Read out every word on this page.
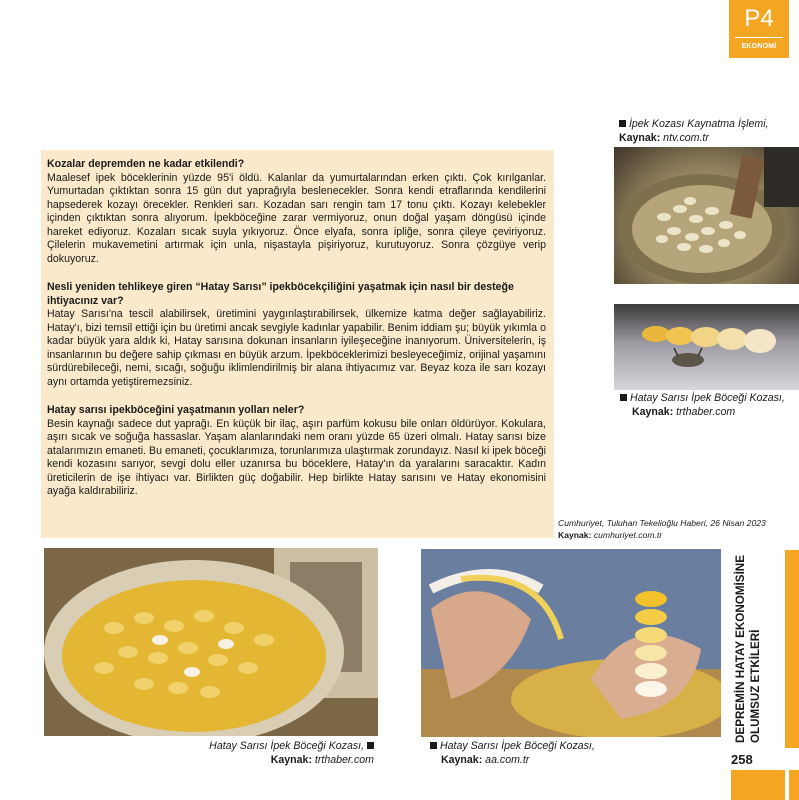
P4
EKONOMİ
Kozalar depremden ne kadar etkilendi?

Maalesef ipek böceklerinin yüzde 95'i öldü. Kalanlar da yumurtalarından erken çıktı. Çok kırılganlar. Yumurtadan çıktıktan sonra 15 gün dut yaprağıyla beslenecekler. Sonra kendi etraflarında kendilerini hapsederek kozayı örecekler. Renkleri sarı. Kozadan sarı rengin tam 17 tonu çıktı. Kozayı kelebekler içinden çıktıktan sonra alıyorum. İpekböceğine zarar vermiyoruz, onun doğal yaşam döngüsü içinde hareket ediyoruz. Kozaları sıcak suyla yıkıyoruz. Önce elyafa, sonra ipliğe, sonra çileye çeviriyoruz. Çilelerin mukavemetini artırmak için unla, nişastayla pişiriyoruz, kurutuyoruz. Sonra çözgüye verip dokuyoruz.

Nesli yeniden tehlikeye giren “Hatay Sarısı” ipekböcekçiliğini yaşatmak için nasıl bir desteğe ihtiyacınız var?

Hatay Sarısı'na tescil alabilirsek, üretimini yaygınlaştırabilirsek, ülkemize katma değer sağlayabiliriz. Hatay'ı, bizi temsil ettiği için bu üretimi ancak sevgiyle kadınlar yapabilir. Benim iddiam şu; büyük yıkımla o kadar büyük yara aldık ki, Hatay sarısına dokunan insanların iyileşeceğine inanıyorum. Üniversitelerin, iş insanlarının bu değere sahip çıkması en büyük arzum. İpekböceklerimizi besleyeceğimiz, orijinal yaşamını sürdürebileceği, nemi, sıcağı, soğuğu iklimlendirilmiş bir alana ihtiyacımız var. Beyaz koza ile sarı kozayı aynı ortamda yetiştiremezsiniz.

Hatay sarısı ipekböceğini yaşatmanın yolları neler?

Besin kaynağı sadece dut yaprağı. En küçük bir ilaç, aşırı parfüm kokusu bile onları öldürüyor. Kokulara, aşırı sıcak ve soğuğa hassaslar. Yaşam alanlarındaki nem oranı yüzde 65 üzeri olmalı. Hatay sarısı bize atalarımızın emaneti. Bu emaneti, çocuklarımıza, torunlarımıza ulaştırmak zorundayız. Nasıl ki ipek böceği kendi kozasını sarıyor, sevgi dolu eller uzanırsa bu böceklere, Hatay'ın da yaralarını saracaktır. Kadın üreticilerin de işe ihtiyacı var. Birlikten güç doğabilir. Hep birlikte Hatay sarısını ve Hatay ekonomisini ayağa kaldırabiliriz.

İpek Kozası Kaynatma İşlemi,
Kaynak: ntv.com.tr
Hatay Sarısı İpek Böceği Kozası,
Kaynak: trthaber.com
Cumhuriyet, Tuluhan Tekelioğlu Haberi, 26 Nisan 2023
Kaynak: cumhuriyet.com.tr
Hatay Sarısı İpek Böceği Kozası,
Kaynak: trthaber.com
Hatay Sarısı İpek Böceği Kozası,
Kaynak: aa.com.tr
DEPREMİN HATAY EKONOMİSİNE OLUMSUZ ETKİLERİ
258
